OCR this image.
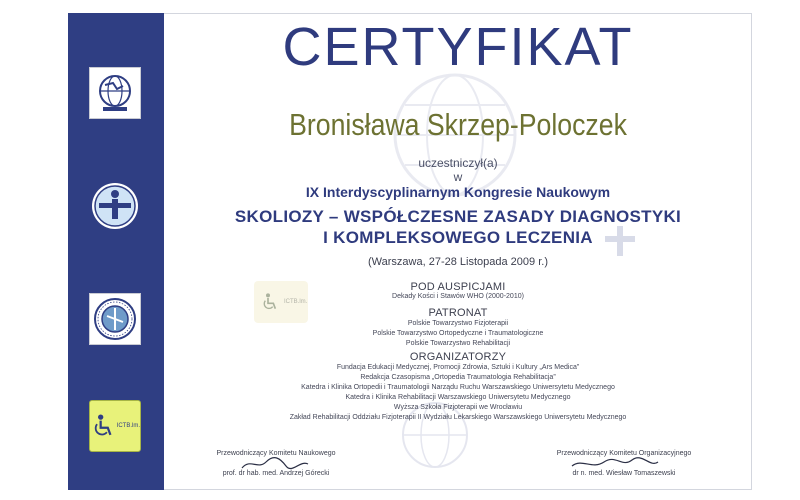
ICTB.lm.
ICTB.lm.
CERTYFIKAT
Bronisława Skrzep-Poloczek
uczestniczył(a)
w
IX Interdyscyplinarnym Kongresie Naukowym
SKOLIOZY – WSPÓŁCZESNE ZASADY DIAGNOSTYKI
I KOMPLEKSOWEGO LECZENIA
(Warszawa, 27-28 Listopada 2009 r.)
POD AUSPICJAMI
Dekady Kości i Stawów WHO (2000-2010)
PATRONAT
Polskie Towarzystwo Fizjoterapii
Polskie Towarzystwo Ortopedyczne i Traumatologiczne
Polskie Towarzystwo Rehabilitacji
ORGANIZATORZY
Fundacja Edukacji Medycznej, Promocji Zdrowia, Sztuki i Kultury „Ars Medica”
Redakcja Czasopisma „Ortopedia Traumatologia Rehabilitacja”
Katedra i Klinika Ortopedii i Traumatologii Narządu Ruchu Warszawskiego Uniwersytetu Medycznego
Katedra i Klinika Rehabilitacji Warszawskiego Uniwersytetu Medycznego
Wyższa Szkoła Fizjoterapii we Wrocławiu
Zakład Rehabilitacji Oddziału Fizjoterapii II Wydziału Lekarskiego Warszawskiego Uniwersytetu Medycznego
Przewodniczący Komitetu Naukowego
prof. dr hab. med. Andrzej Górecki
Przewodniczący Komitetu Organizacyjnego
dr n. med. Wiesław Tomaszewski
